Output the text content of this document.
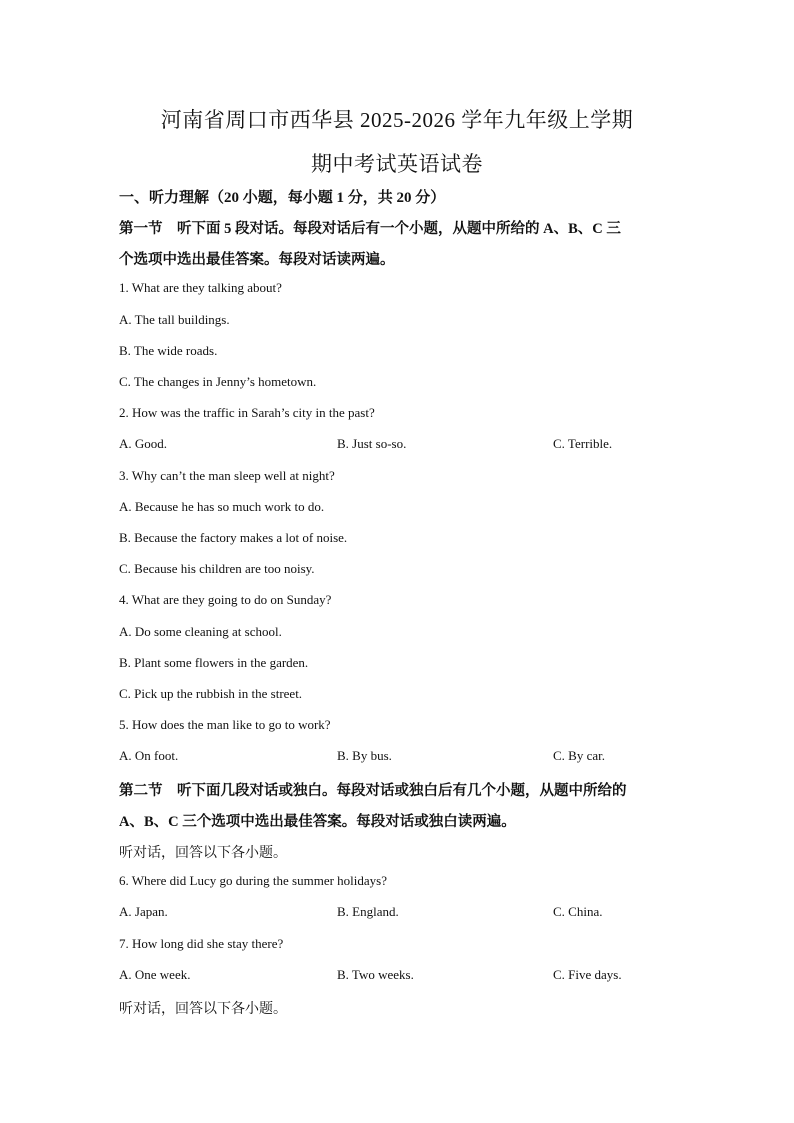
河南省周口市西华县 2025-2026 学年九年级上学期
期中考试英语试卷
一、听力理解（20 小题，每小题 1 分，共 20 分）
第一节　听下面 5 段对话。每段对话后有一个小题，从题中所给的 A、B、C 三
个选项中选出最佳答案。每段对话读两遍。
1. What are they talking about?
A. The tall buildings.
B. The wide roads.
C. The changes in Jenny’s hometown.
2. How was the traffic in Sarah’s city in the past?
A. Good.	B. Just so-so.	C. Terrible.
3. Why can’t the man sleep well at night?
A. Because he has so much work to do.
B. Because the factory makes a lot of noise.
C. Because his children are too noisy.
4. What are they going to do on Sunday?
A. Do some cleaning at school.
B. Plant some flowers in the garden.
C. Pick up the rubbish in the street.
5. How does the man like to go to work?
A. On foot.	B. By bus.	C. By car.
第二节　听下面几段对话或独白。每段对话或独白后有几个小题，从题中所给的
A、B、C 三个选项中选出最佳答案。每段对话或独白读两遍。
听对话，回答以下各小题。
6. Where did Lucy go during the summer holidays?
A. Japan.	B. England.	C. China.
7. How long did she stay there?
A. One week.	B. Two weeks.	C. Five days.
听对话，回答以下各小题。
